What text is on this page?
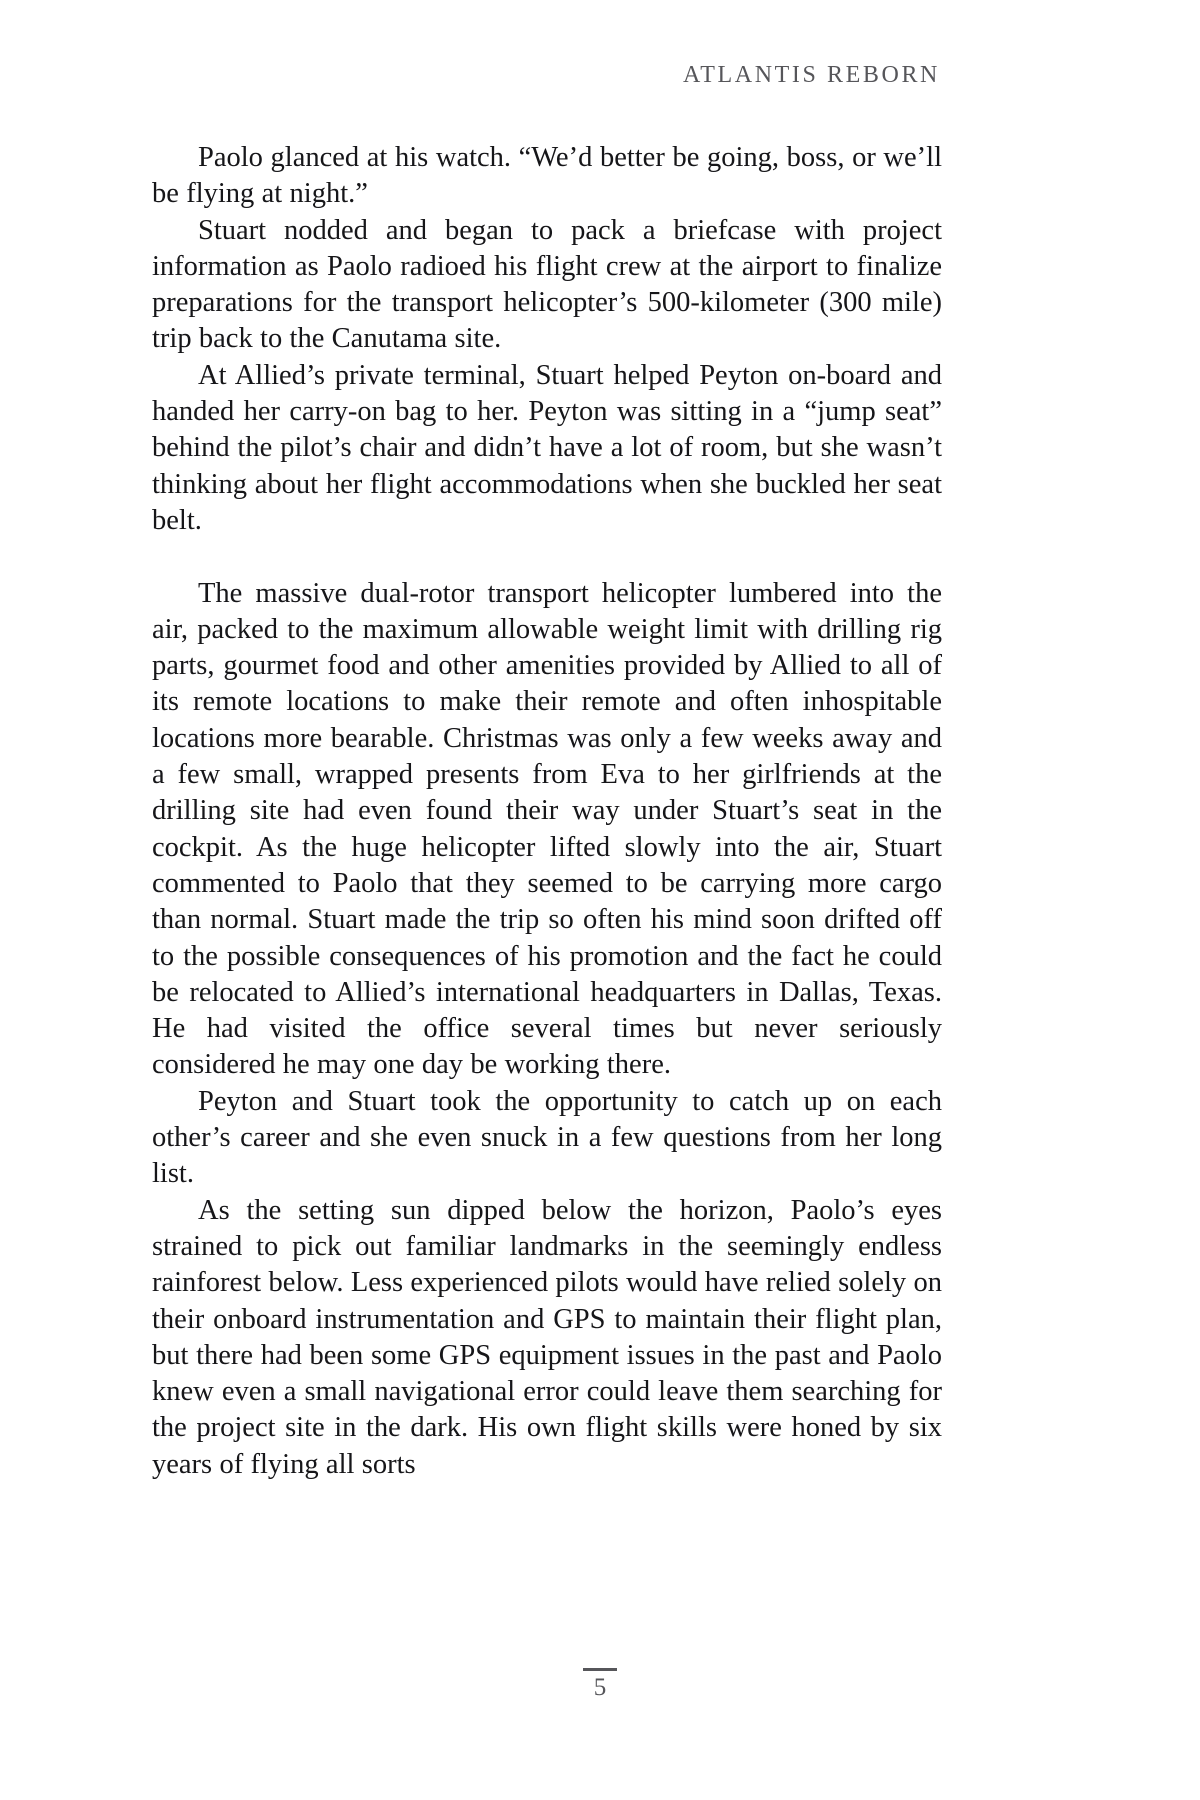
ATLANTIS REBORN

Paolo glanced at his watch. “We’d better be going, boss, or we’ll be flying at night.”

Stuart nodded and began to pack a briefcase with project information as Paolo radioed his flight crew at the airport to finalize preparations for the transport helicopter’s 500-kilometer (300 mile) trip back to the Canutama site.

At Allied’s private terminal, Stuart helped Peyton on-board and handed her carry-on bag to her. Peyton was sitting in a “jump seat” behind the pilot’s chair and didn’t have a lot of room, but she wasn’t thinking about her flight accommodations when she buckled her seat belt.

The massive dual-rotor transport helicopter lumbered into the air, packed to the maximum allowable weight limit with drilling rig parts, gourmet food and other amenities provided by Allied to all of its remote locations to make their remote and often inhospitable locations more bearable. Christmas was only a few weeks away and a few small, wrapped presents from Eva to her girlfriends at the drilling site had even found their way under Stuart’s seat in the cockpit. As the huge helicopter lifted slowly into the air, Stuart commented to Paolo that they seemed to be carrying more cargo than normal. Stuart made the trip so often his mind soon drifted off to the possible consequences of his promotion and the fact he could be relocated to Allied’s international headquarters in Dallas, Texas. He had visited the office several times but never seriously considered he may one day be working there.

Peyton and Stuart took the opportunity to catch up on each other’s career and she even snuck in a few questions from her long list.

As the setting sun dipped below the horizon, Paolo’s eyes strained to pick out familiar landmarks in the seemingly endless rainforest below. Less experienced pilots would have relied solely on their onboard instrumentation and GPS to maintain their flight plan, but there had been some GPS equipment issues in the past and Paolo knew even a small navigational error could leave them searching for the project site in the dark. His own flight skills were honed by six years of flying all sorts

5
